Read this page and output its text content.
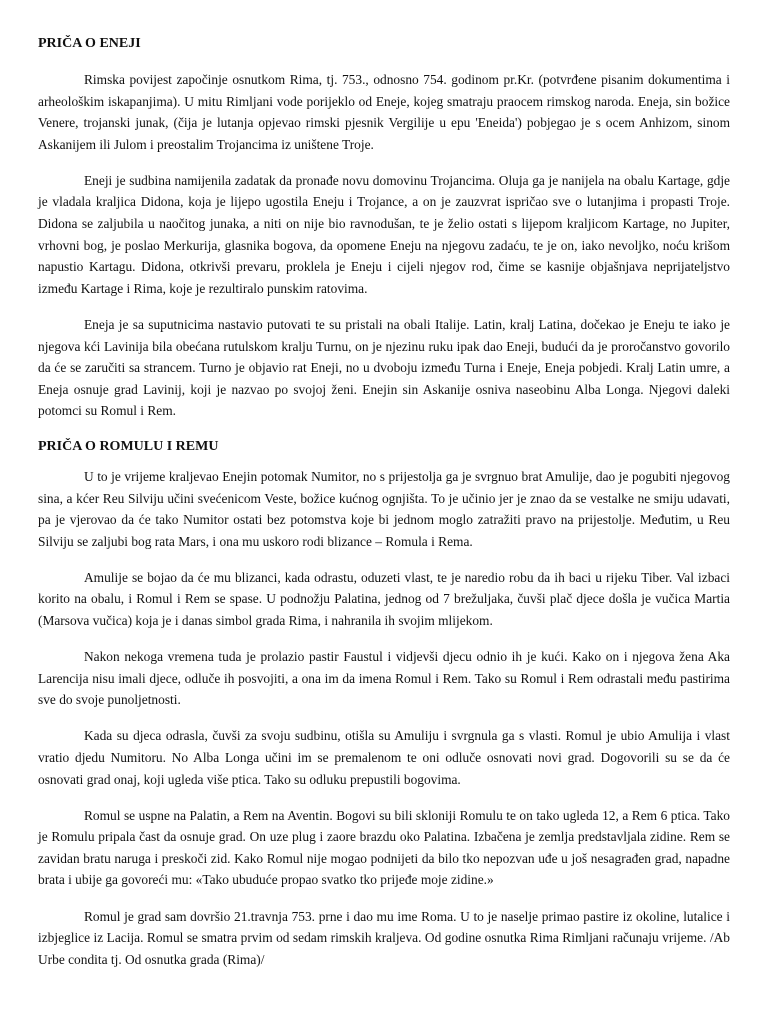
PRIČA O ENEJI

Rimska povijest započinje osnutkom Rima, tj. 753., odnosno 754. godinom pr.Kr. (potvrđene pisanim dokumentima i arheološkim iskapanjima). U mitu Rimljani vode porijeklo od Eneje, kojeg smatraju praocem rimskog naroda. Eneja, sin božice Venere, trojanski junak, (čija je lutanja opjevao rimski pjesnik Vergilije u epu 'Eneida') pobjegao je s ocem Anhizom, sinom Askanijem ili Julom i preostalim Trojancima iz uništene Troje.

Eneji je sudbina namijenila zadatak da pronađe novu domovinu Trojancima. Oluja ga je nanijela na obalu Kartage, gdje je vladala kraljica Didona, koja je lijepo ugostila Eneju i Trojance, a on je zauzvrat ispričao sve o lutanjima i propasti Troje. Didona se zaljubila u naočitog junaka, a niti on nije bio ravnodušan, te je želio ostati s lijepom kraljicom Kartage, no Jupiter, vrhovni bog, je poslao Merkurija, glasnika bogova, da opomene Eneju na njegovu zadaću, te je on, iako nevoljko, noću krišom napustio Kartagu. Didona, otkrivši prevaru, proklela je Eneju i cijeli njegov rod, čime se kasnije objašnjava neprijateljstvo između Kartage i Rima, koje je rezultiralo punskim ratovima.

Eneja je sa suputnicima nastavio putovati te su pristali na obali Italije. Latin, kralj Latina, dočekao je Eneju te iako je njegova kći Lavinija bila obećana rutulskom kralju Turnu, on je njezinu ruku ipak dao Eneji, budući da je proročanstvo govorilo da će se zaručiti sa strancem. Turno je objavio rat Eneji, no u dvoboju između Turna i Eneje, Eneja pobjedi. Kralj Latin umre, a Eneja osnuje grad Lavinij, koji je nazvao po svojoj ženi. Enejin sin Askanije osniva naseobinu Alba Longa. Njegovi daleki potomci su Romul i Rem.

PRIČA O ROMULU I REMU

U to je vrijeme kraljevao Enejin potomak Numitor, no s prijestolja ga je svrgnuo brat Amulije, dao je pogubiti njegovog sina, a kćer Reu Silviju učini svećenicom Veste, božice kućnog ognjišta. To je učinio jer je znao da se vestalke ne smiju udavati, pa je vjerovao da će tako Numitor ostati bez potomstva koje bi jednom moglo zatražiti pravo na prijestolje. Međutim, u Reu Silviju se zaljubi bog rata Mars, i ona mu uskoro rodi blizance – Romula i Rema.

Amulije se bojao da će mu blizanci, kada odrastu, oduzeti vlast, te je naredio robu da ih baci u rijeku Tiber. Val izbaci korito na obalu, i Romul i Rem se spase. U podnožju Palatina, jednog od 7 brežuljaka, čuvši plač djece došla je vučica Martia (Marsova vučica) koja je i danas simbol grada Rima, i nahranila ih svojim mlijekom.

Nakon nekoga vremena tuda je prolazio pastir Faustul i vidjevši djecu odnio ih je kući. Kako on i njegova žena Aka Larencija nisu imali djece, odluče ih posvojiti, a ona im da imena Romul i Rem. Tako su Romul i Rem odrastali među pastirima sve do svoje punoljetnosti.

Kada su djeca odrasla, čuvši za svoju sudbinu, otišla su Amuliju i svrgnula ga s vlasti. Romul je ubio Amulija i vlast vratio djedu Numitoru. No Alba Longa učini im se premalenom te oni odluče osnovati novi grad. Dogovorili su se da će osnovati grad onaj, koji ugleda više ptica. Tako su odluku prepustili bogovima.

Romul se uspne na Palatin, a Rem na Aventin. Bogovi su bili skloniji Romulu te on tako ugleda 12, a Rem 6 ptica. Tako je Romulu pripala čast da osnuje grad. On uze plug i zaore brazdu oko Palatina. Izbačena je zemlja predstavljala zidine. Rem se zavidan bratu naruga i preskoči zid. Kako Romul nije mogao podnijeti da bilo tko nepozvan uđe u još nesagrađen grad, napadne brata i ubije ga govoreći mu: «Tako ubuduće propao svatko tko prijeđe moje zidine.»

Romul je grad sam dovršio 21.travnja 753. prne i dao mu ime Roma. U to je naselje primao pastire iz okoline, lutalice i izbjeglice iz Lacija. Romul se smatra prvim od sedam rimskih kraljeva. Od godine osnutka Rima Rimljani računaju vrijeme. /Ab Urbe condita tj. Od osnutka grada (Rima)/
